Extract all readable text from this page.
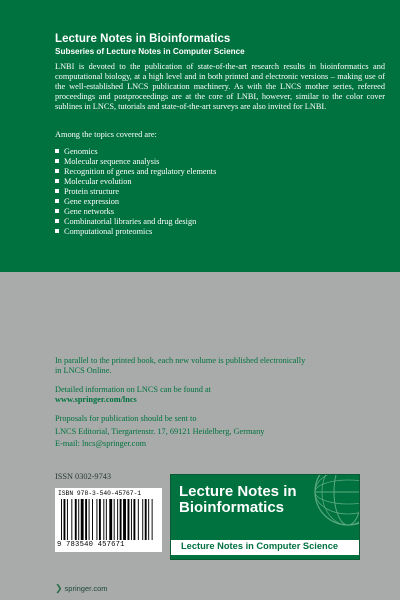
Lecture Notes in Bioinformatics
Subseries of Lecture Notes in Computer Science

LNBI is devoted to the publication of state-of-the-art research results in bioinformatics and computational biology, at a high level and in both printed and electronic versions – making use of the well-established LNCS publication machinery. As with the LNCS mother series, refereed proceedings and postproceedings are at the core of LNBI, however, similar to the color cover sublines in LNCS, tutorials and state-of-the-art surveys are also invited for LNBI.

Among the topics covered are:
Genomics
Molecular sequence analysis
Recognition of genes and regulatory elements
Molecular evolution
Protein structure
Gene expression
Gene networks
Combinatorial libraries and drug design
Computational proteomics

In parallel to the printed book, each new volume is published electronically

in LNCS Online.

Detailed information on LNCS can be found at

www.springer.com/lncs

Proposals for publication should be sent to

LNCS Editorial, Tiergartenstr. 17, 69121 Heidelberg, Germany

E-mail: lncs@springer.com

ISSN 0302-9743
ISBN 978-3-540-45767-1
9 783540 457671
Lecture Notes in
Bioinformatics
Lecture Notes in Computer Science
❯ springer.com
